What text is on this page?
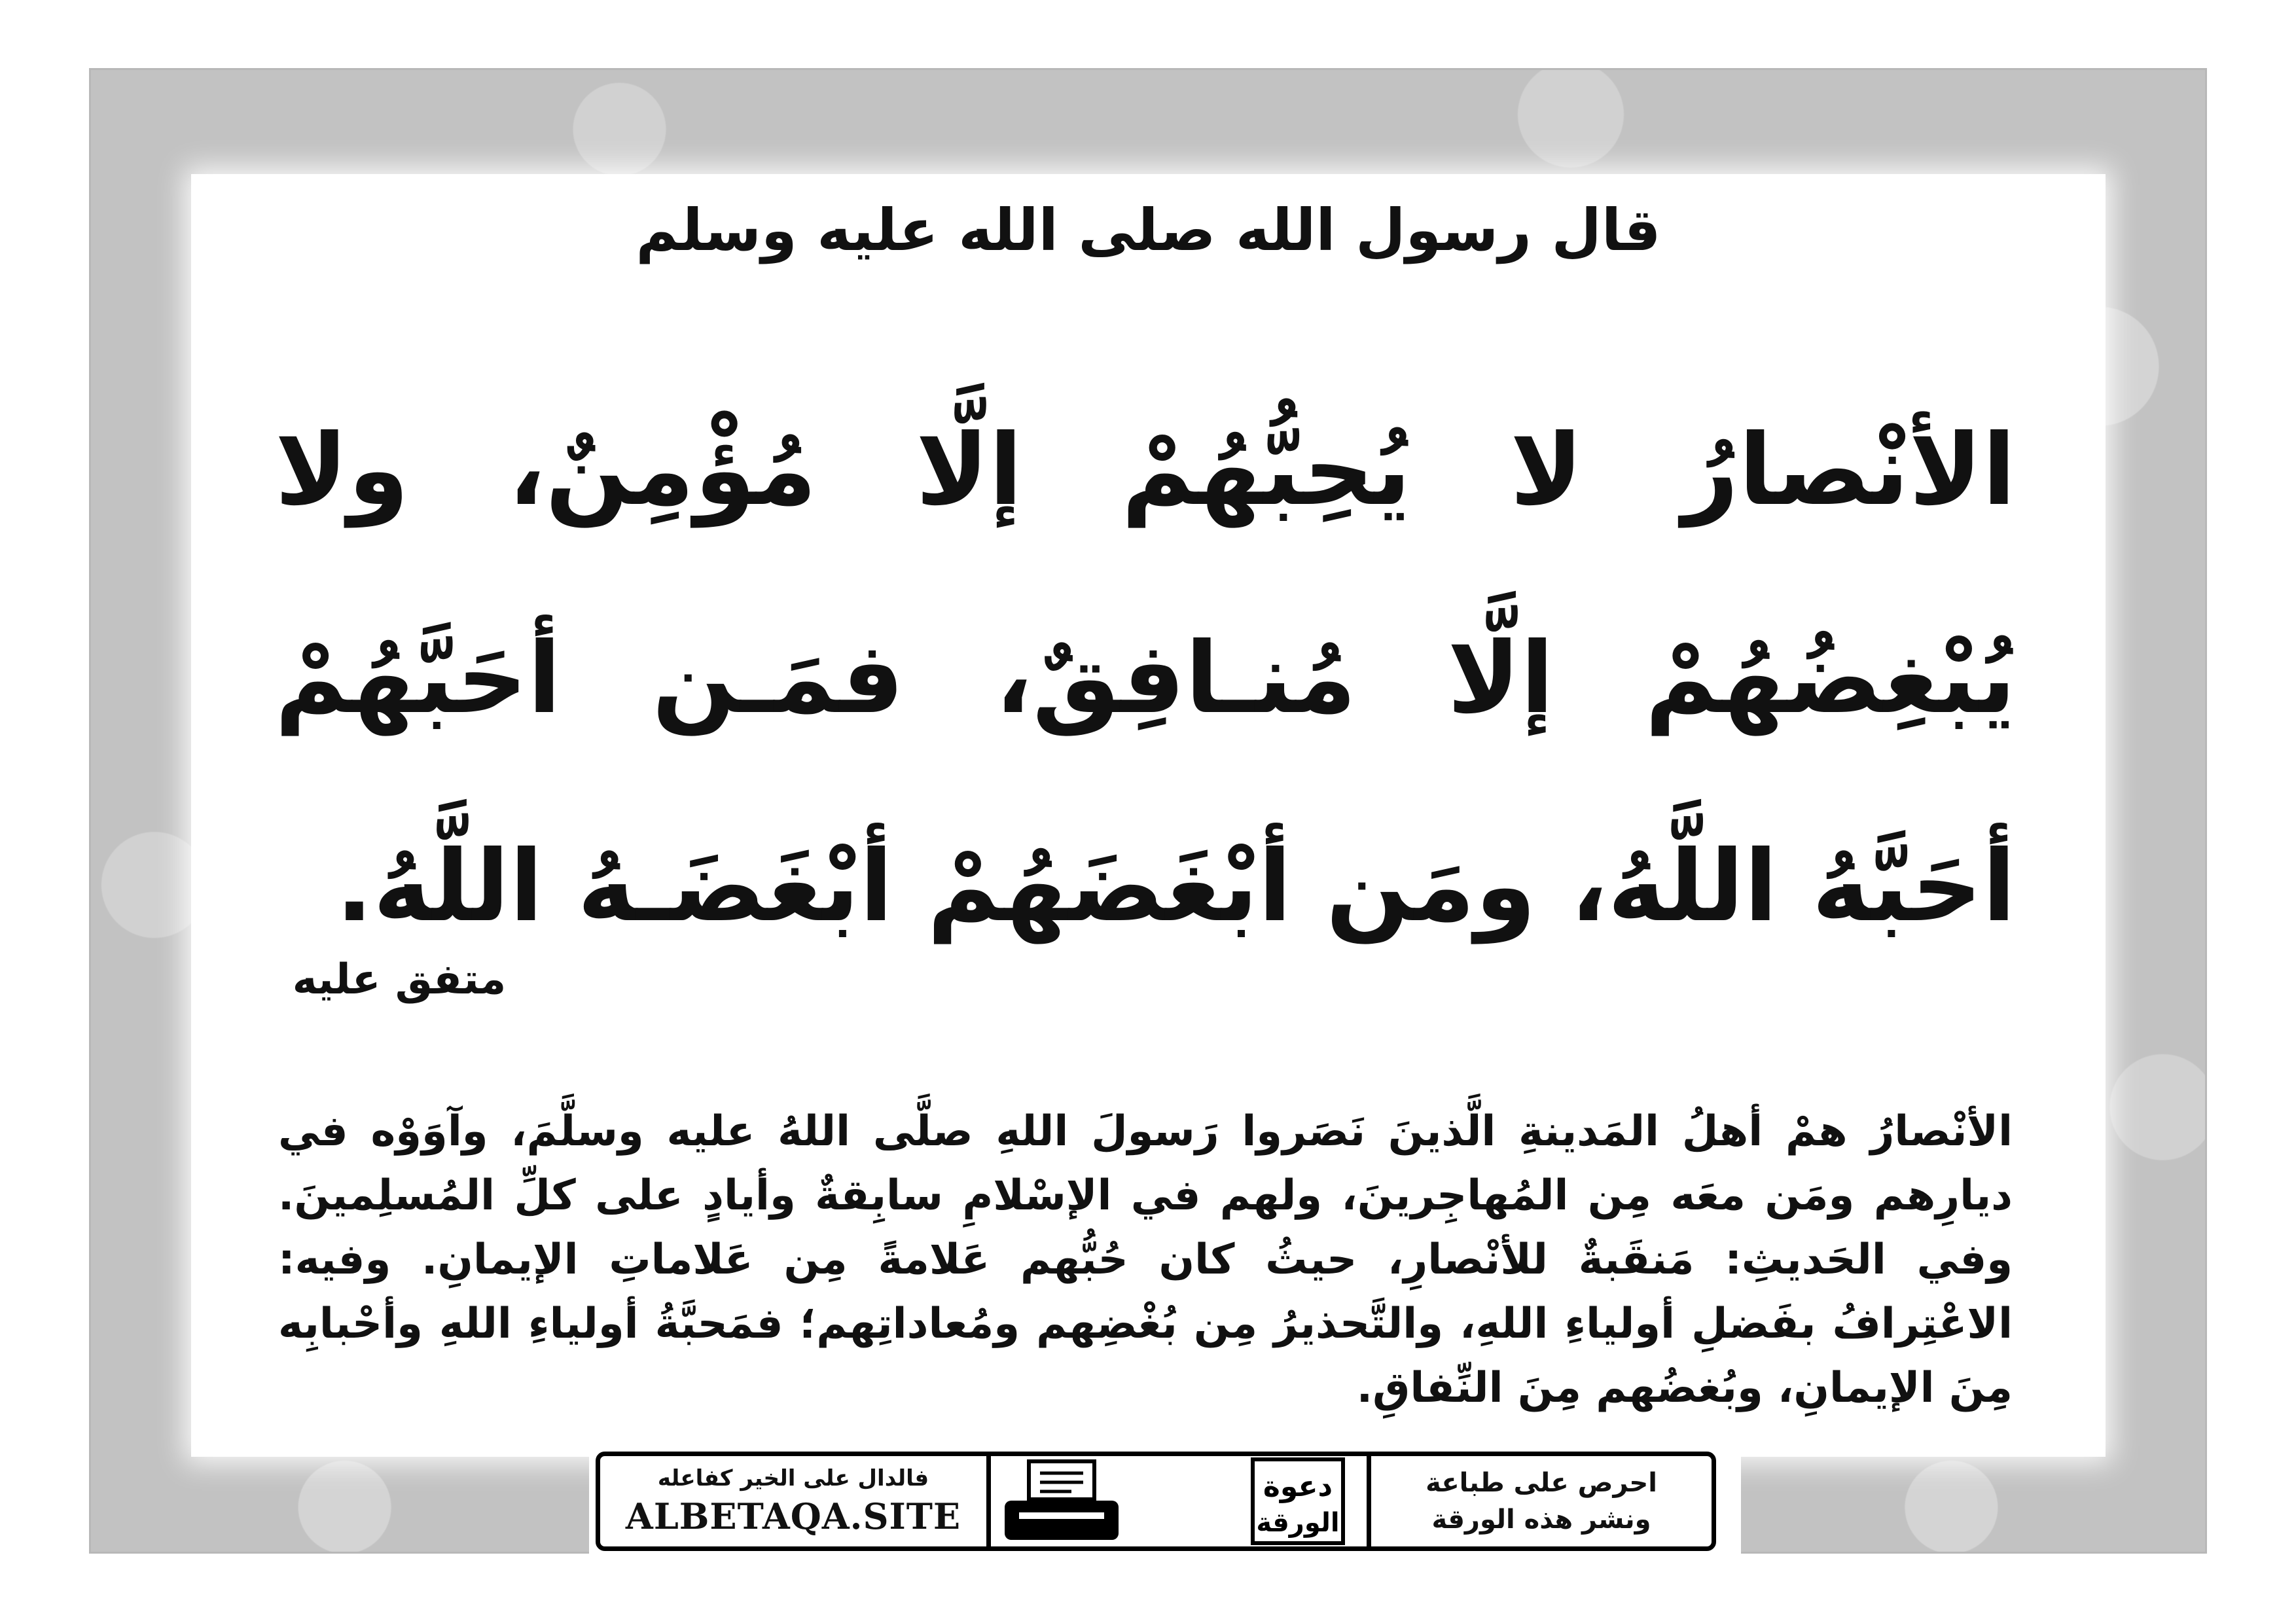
قال رسول الله صلى الله عليه وسلم
الأنْصارُ لا يُحِبُّهُمْ إلَّا مُؤْمِنٌ، ولا يُبْغِضُهُمْ إلَّا مُنـافِقٌ، فمَـن أحَبَّهُمْ أحَبَّهُ اللَّهُ، ومَن أبْغَضَهُمْ أبْغَضَـهُ اللَّهُ.
متفق عليه
الأنْصارُ همْ أهلُ المَدينةِ الَّذينَ نَصَروا رَسولَ اللهِ صلَّى اللهُ عليه وسلَّمَ، وآوَوْه في ديارِهم ومَن معَه مِن المُهاجِرينَ، ولهم في الإسْلامِ سابِقةٌ وأيادٍ على كلِّ المُسلِمينَ. وفي الحَديثِ: مَنقَبةٌ للأنْصارِ، حيثُ كان حُبُّهم عَلامةً مِن عَلاماتِ الإيمانِ. وفيه: الاعْتِرافُ بفَضلِ أولياءِ اللهِ، والتَّحذيرُ مِن بُغْضِهم ومُعاداتِهم؛ فمَحبَّةُ أولياءِ اللهِ وأحْبابِه مِنَ الإيمانِ، وبُغضُهم مِنَ النِّفاقِ.
احرص على طباعة
ونشر هذه الورقة
دعوة
الورقة
فالدال على الخير كفاعله
ALBETAQA.SITE
